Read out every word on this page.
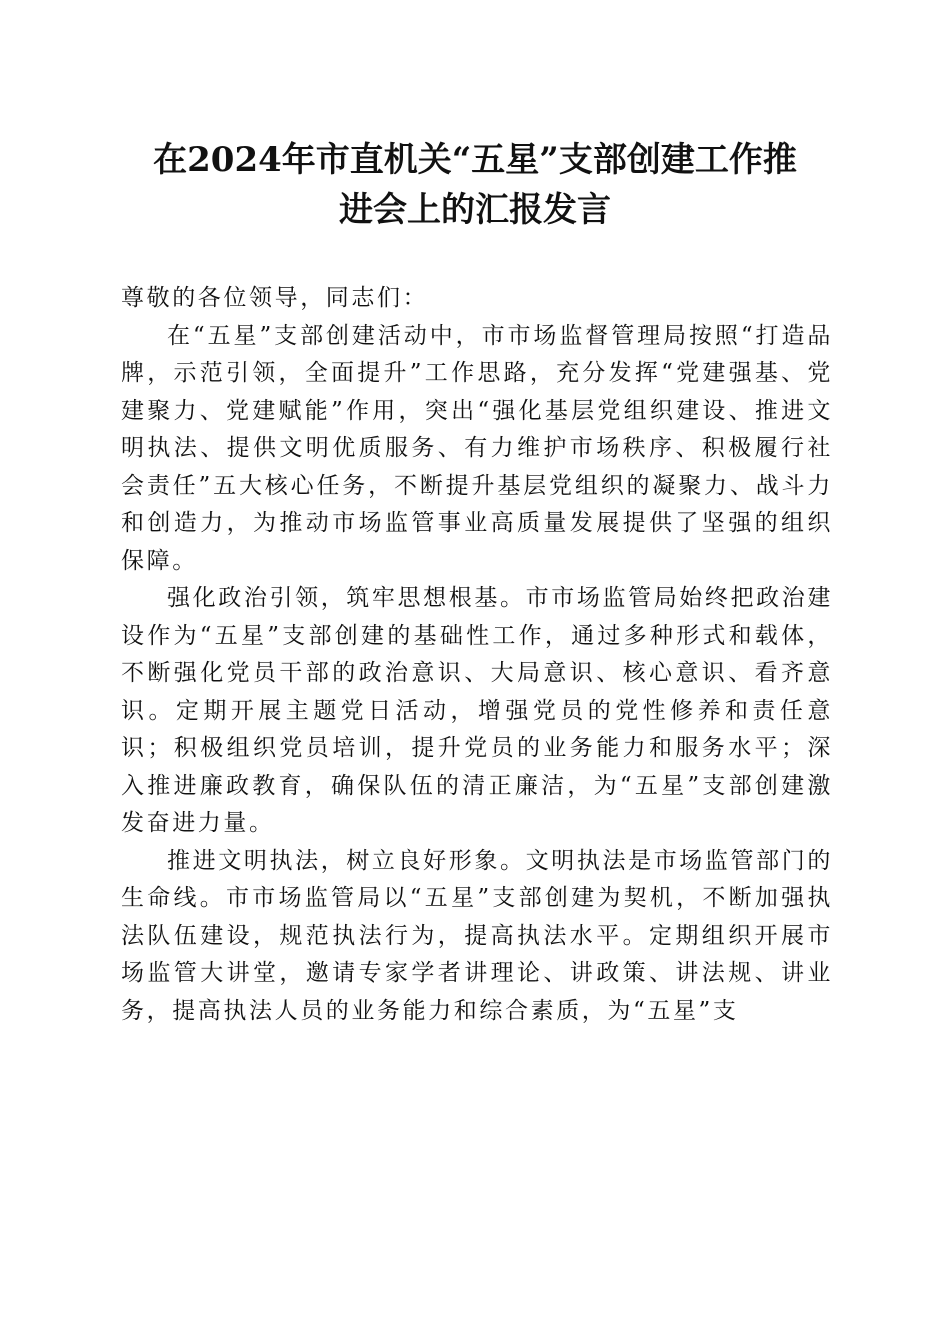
在2024年市直机关“五星”支部创建工作推
进会上的汇报发言

尊敬的各位领导，同志们：

在“五星”支部创建活动中，市市场监督管理局按照“打造品牌，示范引领，全面提升”工作思路，充分发挥“党建强基、党建聚力、党建赋能”作用，突出“强化基层党组织建设、推进文明执法、提供文明优质服务、有力维护市场秩序、积极履行社会责任”五大核心任务，不断提升基层党组织的凝聚力、战斗力和创造力，为推动市场监管事业高质量发展提供了坚强的组织保障。

强化政治引领，筑牢思想根基。市市场监管局始终把政治建设作为“五星”支部创建的基础性工作，通过多种形式和载体，不断强化党员干部的政治意识、大局意识、核心意识、看齐意识。定期开展主题党日活动，增强党员的党性修养和责任意识；积极组织党员培训，提升党员的业务能力和服务水平；深入推进廉政教育，确保队伍的清正廉洁，为“五星”支部创建激发奋进力量。

推进文明执法，树立良好形象。文明执法是市场监管部门的生命线。市市场监管局以“五星”支部创建为契机，不断加强执法队伍建设，规范执法行为，提高执法水平。定期组织开展市场监管大讲堂，邀请专家学者讲理论、讲政策、讲法规、讲业务，提高执法人员的业务能力和综合素质，为“五星”支
